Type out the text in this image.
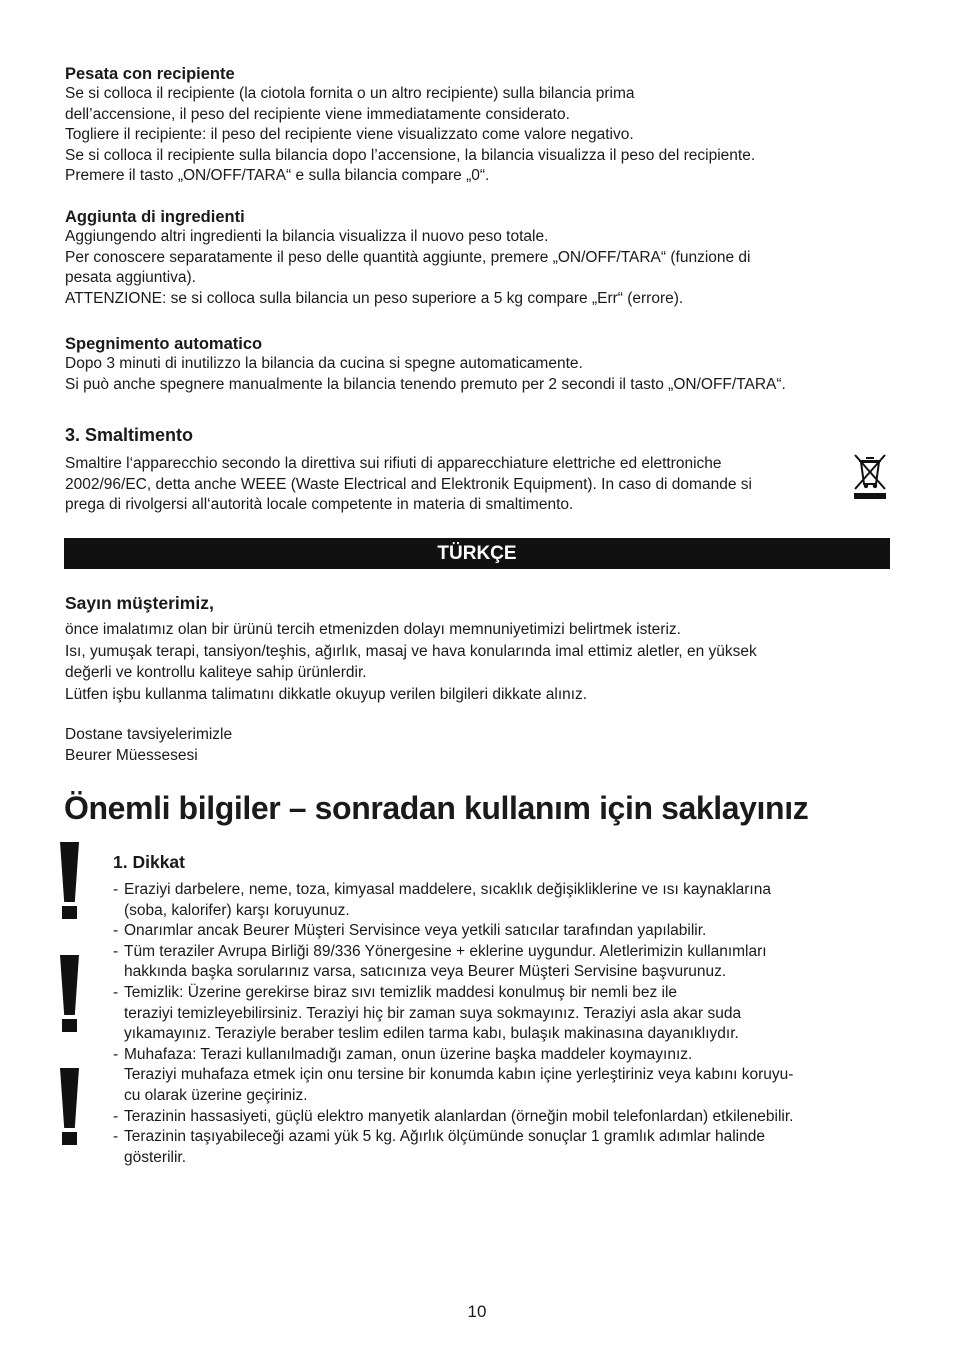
Pesata con recipiente
Se si colloca il recipiente (la ciotola fornita o un altro recipiente) sulla bilancia prima
dell’accensione, il peso del recipiente viene immediatamente considerato.
Togliere il recipiente: il peso del recipiente viene visualizzato come valore negativo.
Se si colloca il recipiente sulla bilancia dopo l’accensione, la bilancia visualizza il peso del recipiente.
Premere il tasto „ON/OFF/TARA“ e sulla bilancia compare „0“.
Aggiunta di ingredienti
Aggiungendo altri ingredienti la bilancia visualizza il nuovo peso totale.
Per conoscere separatamente il peso delle quantità aggiunte, premere „ON/OFF/TARA“ (funzione di
pesata aggiuntiva).
ATTENZIONE: se si colloca sulla bilancia un peso superiore a 5 kg compare „Err“ (errore).
Spegnimento automatico
Dopo 3 minuti di inutilizzo la bilancia da cucina si spegne automaticamente.
Si può anche spegnere manualmente la bilancia tenendo premuto per 2 secondi il tasto „ON/OFF/TARA“.
3. Smaltimento
Smaltire l‘apparecchio secondo la direttiva sui rifiuti di apparecchiature elettriche ed elettroniche
2002/96/EC, detta anche WEEE (Waste Electrical and Elektronik Equipment). In caso di domande si
prega di rivolgersi all‘autorità locale competente in materia di smaltimento.
TÜRKÇE
Sayın müşterimiz,
önce imalatımız olan bir ürünü tercih etmenizden dolayı memnuniyetimizi belirtmek isteriz.
Isı, yumuşak terapi, tansiyon/teşhis, ağırlık, masaj ve hava konularında imal ettimiz aletler, en yüksek
değerli ve kontrollu kaliteye sahip ürünlerdir.
Lütfen işbu kullanma talimatını dikkatle okuyup verilen bilgileri dikkate alınız.
Dostane tavsiyelerimizle
Beurer Müessesesi
Önemli bilgiler – sonradan kullanım için saklayınız
1. Dikkat
- Eraziyi darbelere, neme, toza, kimyasal maddelere, sıcaklık değişikliklerine ve ısı kaynaklarına
(soba, kalorifer) karşı koruyunuz.
- Onarımlar ancak Beurer Müşteri Servisince veya yetkili satıcılar tarafından yapılabilir.
- Tüm teraziler Avrupa Birliği 89/336 Yönergesine + eklerine uygundur. Aletlerimizin kullanımları
hakkında başka sorularınız varsa, satıcınıza veya Beurer Müşteri Servisine başvurunuz.
- Temizlik: Üzerine gerekirse biraz sıvı temizlik maddesi konulmuş bir nemli bez ile
teraziyi temizleyebilirsiniz. Teraziyi hiç bir zaman suya sokmayınız. Teraziyi asla akar suda
yıkamayınız. Teraziyle beraber teslim edilen tarma kabı, bulaşık makinasına dayanıklıydır.
- Muhafaza: Terazi kullanılmadığı zaman, onun üzerine başka maddeler koymayınız.
Teraziyi muhafaza etmek için onu tersine bir konumda kabın içine yerleştiriniz veya kabını koruyu-
cu olarak üzerine geçiriniz.
- Terazinin hassasiyeti, güçlü elektro manyetik alanlardan (örneğin mobil telefonlardan) etkilenebilir.
- Terazinin taşıyabileceği azami yük 5 kg. Ağırlık ölçümünde sonuçlar 1 gramlık adımlar halinde
gösterilir.
10
